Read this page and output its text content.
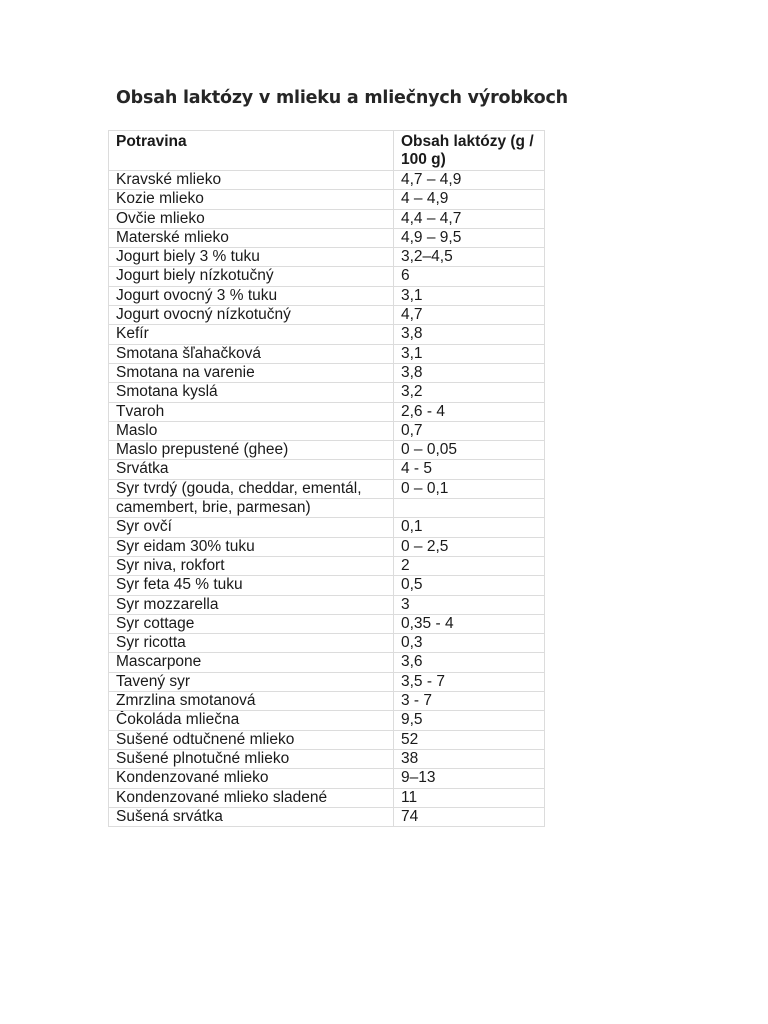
Obsah laktózy v mlieku a mliečnych výrobkoch
Potravina	Obsah laktózy (g / 100 g)
Kravské mlieko	4,7 – 4,9
Kozie mlieko	4 – 4,9
Ovčie mlieko	4,4 – 4,7
Materské mlieko	4,9 – 9,5
Jogurt biely 3 % tuku	3,2–4,5
Jogurt biely nízkotučný	6
Jogurt ovocný 3 % tuku	3,1
Jogurt ovocný nízkotučný	4,7
Kefír	3,8
Smotana šľahačková	3,1
Smotana na varenie	3,8
Smotana kyslá	3,2
Tvaroh	2,6 - 4
Maslo	0,7
Maslo prepustené (ghee)	0 – 0,05
Srvátka	4 - 5
Syr tvrdý (gouda, cheddar, ementál,	0 – 0,1
camembert, brie, parmesan)	
Syr ovčí	0,1
Syr eidam 30% tuku	0 – 2,5
Syr niva, rokfort	2
Syr feta 45 % tuku	0,5
Syr mozzarella	3
Syr cottage	0,35 - 4
Syr ricotta	0,3
Mascarpone	3,6
Tavený syr	3,5 - 7
Zmrzlina smotanová	3 - 7
Čokoláda mliečna	9,5
Sušené odtučnené mlieko	52
Sušené plnotučné mlieko	38
Kondenzované mlieko	9–13
Kondenzované mlieko sladené	11
Sušená srvátka	74
